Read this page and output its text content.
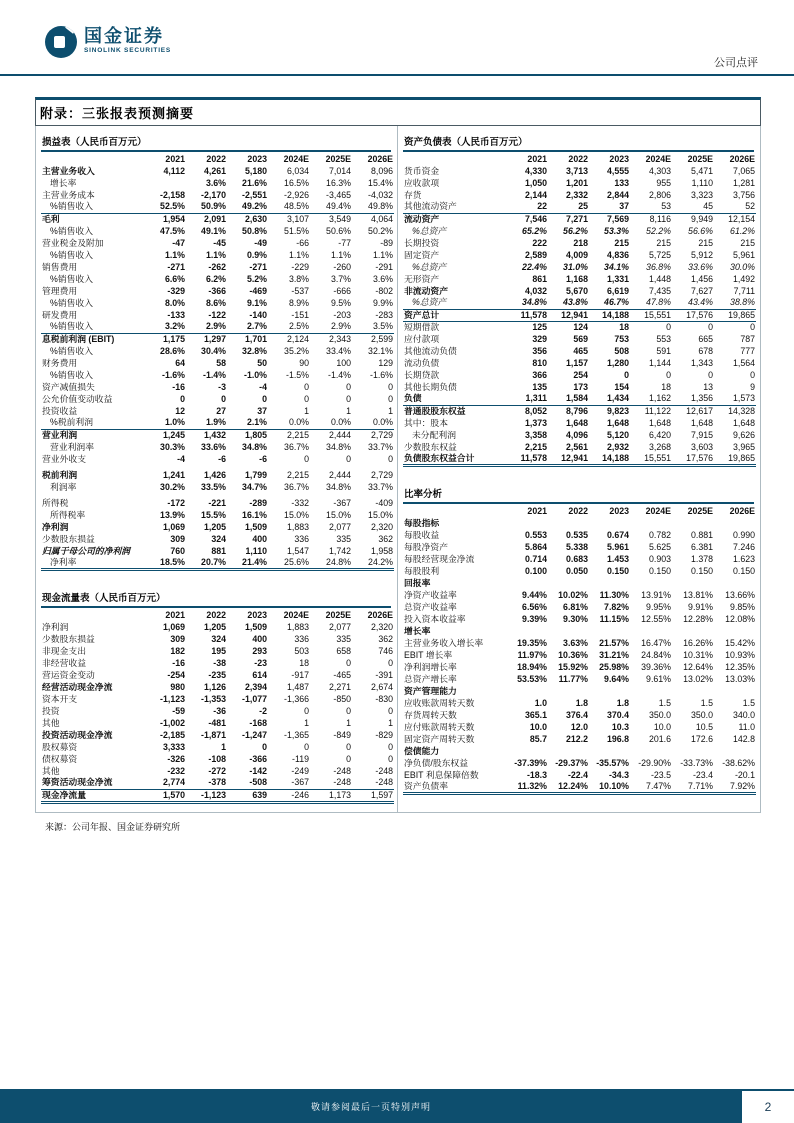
国金证券
SINOLINK SECURITIES
公司点评
附录：三张报表预测摘要
损益表（人民币百万元）
	2021	2022	2023	2024E	2025E	2026E
主营业务收入	4,112	4,261	5,180	6,034	7,014	8,096
增长率		3.6%	21.6%	16.5%	16.3%	15.4%
主营业务成本	-2,158	-2,170	-2,551	-2,926	-3,465	-4,032
%销售收入	52.5%	50.9%	49.2%	48.5%	49.4%	49.8%
毛利	1,954	2,091	2,630	3,107	3,549	4,064
%销售收入	47.5%	49.1%	50.8%	51.5%	50.6%	50.2%
营业税金及附加	-47	-45	-49	-66	-77	-89
%销售收入	1.1%	1.1%	0.9%	1.1%	1.1%	1.1%
销售费用	-271	-262	-271	-229	-260	-291
%销售收入	6.6%	6.2%	5.2%	3.8%	3.7%	3.6%
管理费用	-329	-366	-469	-537	-666	-802
%销售收入	8.0%	8.6%	9.1%	8.9%	9.5%	9.9%
研发费用	-133	-122	-140	-151	-203	-283
%销售收入	3.2%	2.9%	2.7%	2.5%	2.9%	3.5%
息税前利润 (EBIT)	1,175	1,297	1,701	2,124	2,343	2,599
%销售收入	28.6%	30.4%	32.8%	35.2%	33.4%	32.1%
财务费用	64	58	50	90	100	129
%销售收入	-1.6%	-1.4%	-1.0%	-1.5%	-1.4%	-1.6%
资产减值损失	-16	-3	-4	0	0	0
公允价值变动收益	0	0	0	0	0	0
投资收益	12	27	37	1	1	1
%税前利润	1.0%	1.9%	2.1%	0.0%	0.0%	0.0%
营业利润	1,245	1,432	1,805	2,215	2,444	2,729
营业利润率	30.3%	33.6%	34.8%	36.7%	34.8%	33.7%
营业外收支	-4	-6	-6	0	0	0
税前利润	1,241	1,426	1,799	2,215	2,444	2,729
利润率	30.2%	33.5%	34.7%	36.7%	34.8%	33.7%
所得税	-172	-221	-289	-332	-367	-409
所得税率	13.9%	15.5%	16.1%	15.0%	15.0%	15.0%
净利润	1,069	1,205	1,509	1,883	2,077	2,320
少数股东损益	309	324	400	336	335	362
归属于母公司的净利润	760	881	1,110	1,547	1,742	1,958
净利率	18.5%	20.7%	21.4%	25.6%	24.8%	24.2%
现金流量表（人民币百万元）
	2021	2022	2023	2024E	2025E	2026E
净利润	1,069	1,205	1,509	1,883	2,077	2,320
少数股东损益	309	324	400	336	335	362
非现金支出	182	195	293	503	658	746
非经营收益	-16	-38	-23	18	0	0
营运资金变动	-254	-235	614	-917	-465	-391
经营活动现金净流	980	1,126	2,394	1,487	2,271	2,674
资本开支	-1,123	-1,353	-1,077	-1,366	-850	-830
投资	-59	-36	-2	0	0	0
其他	-1,002	-481	-168	1	1	1
投资活动现金净流	-2,185	-1,871	-1,247	-1,365	-849	-829
股权募资	3,333	1	0	0	0	0
债权募资	-326	-108	-366	-119	0	0
其他	-232	-272	-142	-249	-248	-248
筹资活动现金净流	2,774	-378	-508	-367	-248	-248
现金净流量	1,570	-1,123	639	-246	1,173	1,597
资产负债表（人民币百万元）
	2021	2022	2023	2024E	2025E	2026E
货币资金	4,330	3,713	4,555	4,303	5,471	7,065
应收款项	1,050	1,201	133	955	1,110	1,281
存货	2,144	2,332	2,844	2,806	3,323	3,756
其他流动资产	22	25	37	53	45	52
流动资产	7,546	7,271	7,569	8,116	9,949	12,154
%总资产	65.2%	56.2%	53.3%	52.2%	56.6%	61.2%
长期投资	222	218	215	215	215	215
固定资产	2,589	4,009	4,836	5,725	5,912	5,961
%总资产	22.4%	31.0%	34.1%	36.8%	33.6%	30.0%
无形资产	861	1,168	1,331	1,448	1,456	1,492
非流动资产	4,032	5,670	6,619	7,435	7,627	7,711
%总资产	34.8%	43.8%	46.7%	47.8%	43.4%	38.8%
资产总计	11,578	12,941	14,188	15,551	17,576	19,865
短期借款	125	124	18	0	0	0
应付款项	329	569	753	553	665	787
其他流动负债	356	465	508	591	678	777
流动负债	810	1,157	1,280	1,144	1,343	1,564
长期贷款	366	254	0	0	0	0
其他长期负债	135	173	154	18	13	9
负债	1,311	1,584	1,434	1,162	1,356	1,573
普通股股东权益	8,052	8,796	9,823	11,122	12,617	14,328
其中：股本	1,373	1,648	1,648	1,648	1,648	1,648
未分配利润	3,358	4,096	5,120	6,420	7,915	9,626
少数股东权益	2,215	2,561	2,932	3,268	3,603	3,965
负债股东权益合计	11,578	12,941	14,188	15,551	17,576	19,865
比率分析
	2021	2022	2023	2024E	2025E	2026E
每股指标						
每股收益	0.553	0.535	0.674	0.782	0.881	0.990
每股净资产	5.864	5.338	5.961	5.625	6.381	7.246
每股经营现金净流	0.714	0.683	1.453	0.903	1.378	1.623
每股股利	0.100	0.050	0.150	0.150	0.150	0.150
回报率						
净资产收益率	9.44%	10.02%	11.30%	13.91%	13.81%	13.66%
总资产收益率	6.56%	6.81%	7.82%	9.95%	9.91%	9.85%
投入资本收益率	9.39%	9.30%	11.15%	12.55%	12.28%	12.08%
增长率						
主营业务收入增长率	19.35%	3.63%	21.57%	16.47%	16.26%	15.42%
EBIT 增长率	11.97%	10.36%	31.21%	24.84%	10.31%	10.93%
净利润增长率	18.94%	15.92%	25.98%	39.36%	12.64%	12.35%
总资产增长率	53.53%	11.77%	9.64%	9.61%	13.02%	13.03%
资产管理能力						
应收账款周转天数	1.0	1.8	1.8	1.5	1.5	1.5
存货周转天数	365.1	376.4	370.4	350.0	350.0	340.0
应付账款周转天数	10.0	12.0	10.3	10.0	10.5	11.0
固定资产周转天数	85.7	212.2	196.8	201.6	172.6	142.8
偿债能力						
净负债/股东权益	-37.39%	-29.37%	-35.57%	-29.90%	-33.73%	-38.62%
EBIT 利息保障倍数	-18.3	-22.4	-34.3	-23.5	-23.4	-20.1
资产负债率	11.32%	12.24%	10.10%	7.47%	7.71%	7.92%
来源：公司年报、国金证券研究所
敬请参阅最后一页特别声明	2
